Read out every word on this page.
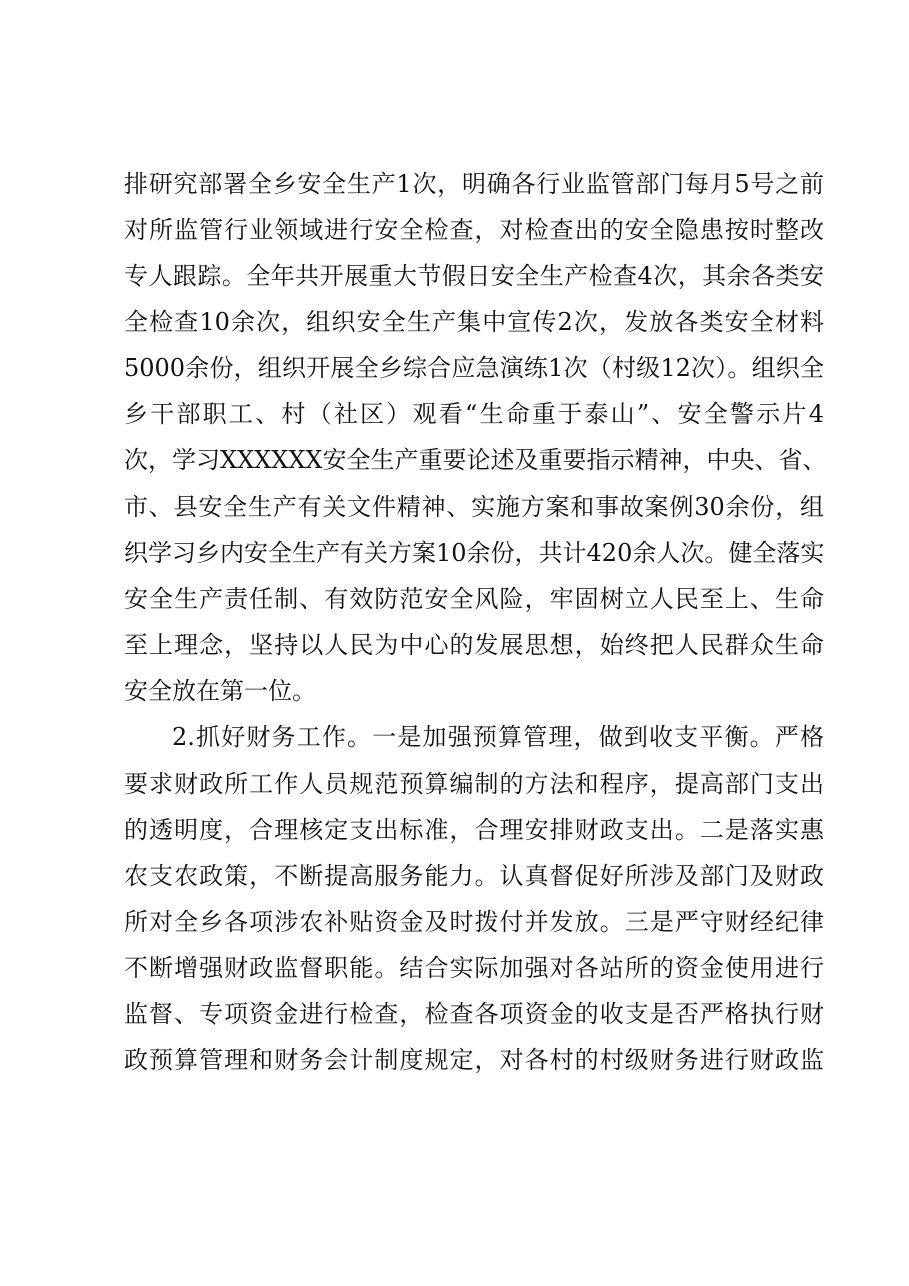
排研究部署全乡安全生产1次，明确各行业监管部门每月5号之前
对所监管行业领域进行安全检查，对检查出的安全隐患按时整改
专人跟踪。全年共开展重大节假日安全生产检查4次，其余各类安
全检查10余次，组织安全生产集中宣传2次，发放各类安全材料
5000余份，组织开展全乡综合应急演练1次（村级12次）。组织全
乡干部职工、村（社区）观看“生命重于泰山”、安全警示片4
次，学习XXXXXX安全生产重要论述及重要指示精神，中央、省、
市、县安全生产有关文件精神、实施方案和事故案例30余份，组
织学习乡内安全生产有关方案10余份，共计420余人次。健全落实
安全生产责任制、有效防范安全风险，牢固树立人民至上、生命
至上理念，坚持以人民为中心的发展思想，始终把人民群众生命
安全放在第一位。
2.抓好财务工作。一是加强预算管理，做到收支平衡。严格
要求财政所工作人员规范预算编制的方法和程序，提高部门支出
的透明度，合理核定支出标准，合理安排财政支出。二是落实惠
农支农政策，不断提高服务能力。认真督促好所涉及部门及财政
所对全乡各项涉农补贴资金及时拨付并发放。三是严守财经纪律
不断增强财政监督职能。结合实际加强对各站所的资金使用进行
监督、专项资金进行检查，检查各项资金的收支是否严格执行财
政预算管理和财务会计制度规定，对各村的村级财务进行财政监
